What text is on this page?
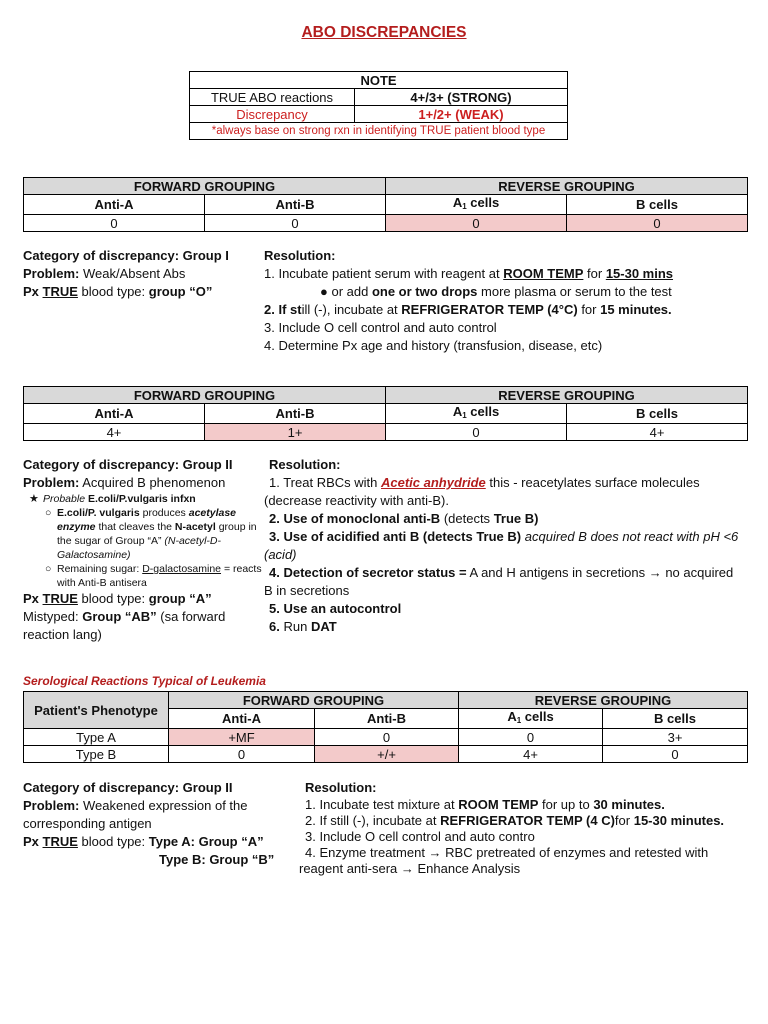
ABO DISCREPANCIES
NOTE	
TRUE ABO reactions	4+/3+ (STRONG)
Discrepancy	1+/2+ (WEAK)
*always base on strong rxn in identifying TRUE patient blood type	
FORWARD GROUPING		REVERSE GROUPING	
Anti-A	Anti-B	$A_1$ cells	B cells
0	0	0	0

Category of discrepancy: Group I

Problem: Weak/Absent Abs

Px TRUE blood type: group “O”

Resolution:

1. Incubate patient serum with reagent at ROOM TEMP for 15-30 mins

● or add one or two drops more plasma or serum to the test

2. If still (-), incubate at REFRIGERATOR TEMP (4°C) for 15 minutes.

3. Include O cell control and auto control

4. Determine Px age and history (transfusion, disease, etc)

FORWARD GROUPING		REVERSE GROUPING	
Anti-A	Anti-B	$A_1$ cells	B cells
4+	1+	0	4+

Category of discrepancy: Group II

Problem: Acquired B phenomenon

★ Probable E.coli/P.vulgaris infxn
○ E.coli/P. vulgaris produces acetylase enzyme that cleaves the N-acetyl group in the sugar of Group “A” (N-acetyl-D-Galactosamine)
○ Remaining sugar: D-galactosamine = reacts with Anti-B antisera

Px TRUE blood type: group “A”

Mistyped: Group “AB” (sa forward reaction lang)

Resolution:

1. Treat RBCs with Acetic anhydride this - reacetylates surface molecules (decrease reactivity with anti-B).

2. Use of monoclonal anti-B (detects True B)

3. Use of acidified anti B (detects True B) acquired B does not react with pH <6 (acid)

4. Detection of secretor status = A and H antigens in secretions → no acquired B in secretions

5. Use an autocontrol

6. Run DAT

Serological Reactions Typical of Leukemia
Patient's Phenotype	FORWARD GROUPING		REVERSE GROUPING	
	Anti-A	Anti-B	$A_1$ cells	B cells
Type A	+MF	0	0	3+
Type B	0	+/+	4+	0

Category of discrepancy: Group II

Problem: Weakened expression of the corresponding antigen

Px TRUE blood type: Type A: Group “A”

Type B: Group “B”

Resolution:

1. Incubate test mixture at ROOM TEMP for up to 30 minutes.

2. If still (-), incubate at REFRIGERATOR TEMP (4 C)for 15-30 minutes.

3. Include O cell control and auto contro

4. Enzyme treatment → RBC pretreated of enzymes and retested with reagent anti-sera → Enhance Analysis
